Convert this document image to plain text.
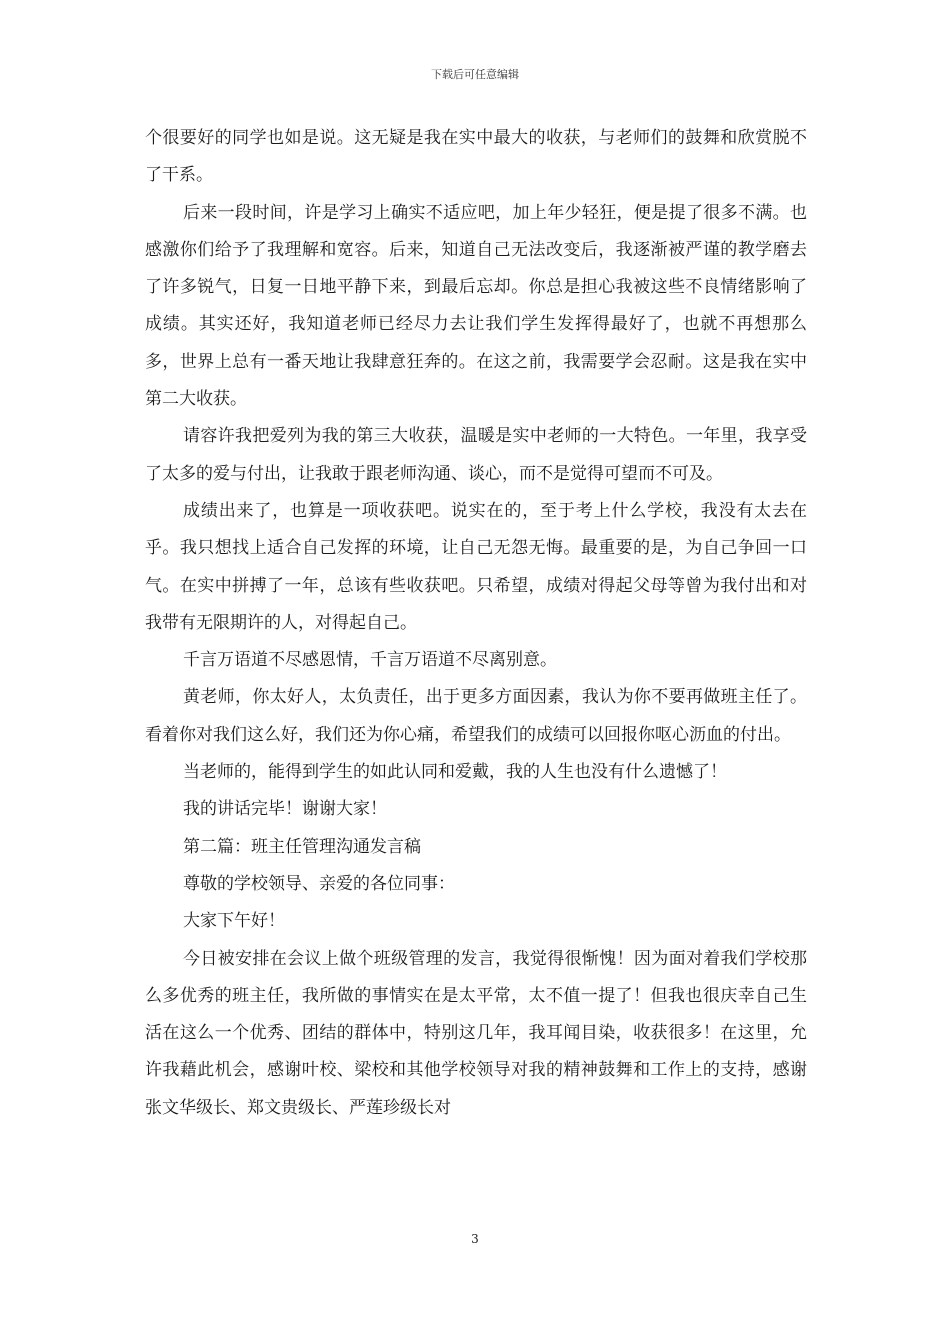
下载后可任意编辑

个很要好的同学也如是说。这无疑是我在实中最大的收获，与老师们的鼓舞和欣赏脱不了干系。

后来一段时间，许是学习上确实不适应吧，加上年少轻狂，便是提了很多不满。也感激你们给予了我理解和宽容。后来，知道自己无法改变后，我逐渐被严谨的教学磨去了许多锐气，日复一日地平静下来，到最后忘却。你总是担心我被这些不良情绪影响了成绩。其实还好，我知道老师已经尽力去让我们学生发挥得最好了，也就不再想那么多，世界上总有一番天地让我肆意狂奔的。在这之前，我需要学会忍耐。这是我在实中第二大收获。

请容许我把爱列为我的第三大收获，温暖是实中老师的一大特色。一年里，我享受了太多的爱与付出，让我敢于跟老师沟通、谈心，而不是觉得可望而不可及。

成绩出来了，也算是一项收获吧。说实在的，至于考上什么学校，我没有太去在乎。我只想找上适合自己发挥的环境，让自己无怨无悔。最重要的是，为自己争回一口气。在实中拼搏了一年，总该有些收获吧。只希望，成绩对得起父母等曾为我付出和对我带有无限期许的人，对得起自己。

千言万语道不尽感恩情，千言万语道不尽离别意。

黄老师，你太好人，太负责任，出于更多方面因素，我认为你不要再做班主任了。看着你对我们这么好，我们还为你心痛，希望我们的成绩可以回报你呕心沥血的付出。

当老师的，能得到学生的如此认同和爱戴，我的人生也没有什么遗憾了！

我的讲话完毕！谢谢大家！

第二篇：班主任管理沟通发言稿

尊敬的学校领导、亲爱的各位同事：

大家下午好！

今日被安排在会议上做个班级管理的发言，我觉得很惭愧！因为面对着我们学校那么多优秀的班主任，我所做的事情实在是太平常，太不值一提了！但我也很庆幸自己生活在这么一个优秀、团结的群体中，特别这几年，我耳闻目染，收获很多！在这里，允许我藉此机会，感谢叶校、梁校和其他学校领导对我的精神鼓舞和工作上的支持，感谢张文华级长、郑文贵级长、严莲珍级长对

3
